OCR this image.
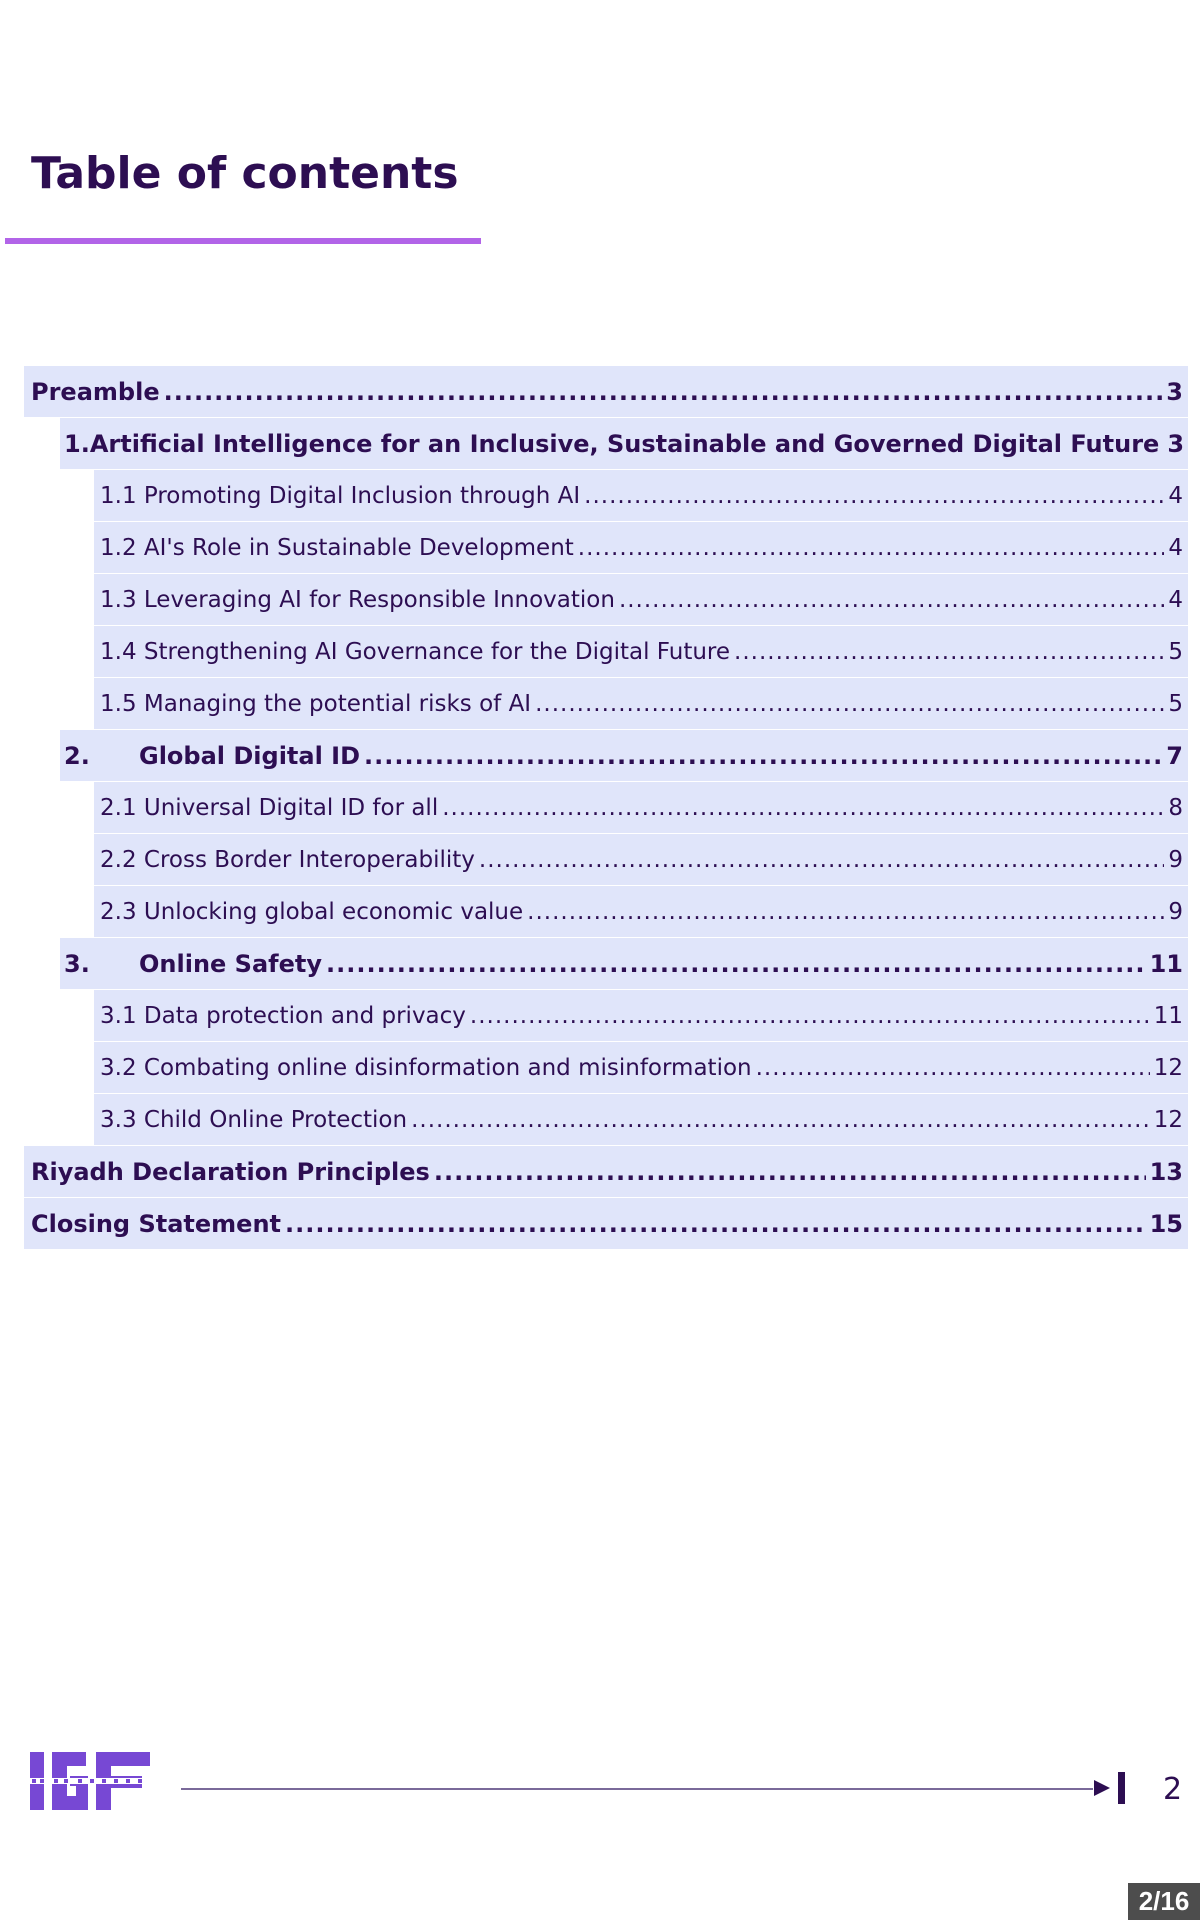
Table of contents
Preamble .....	3
1. Artificial Intelligence for an Inclusive, Sustainable and Governed Digital Future 3
1.1 Promoting Digital Inclusion through AI .....	4
1.2 AI's Role in Sustainable Development .....	4
1.3 Leveraging AI for Responsible Innovation .....	4
1.4 Strengthening AI Governance for the Digital Future .....	5
1.5 Managing the potential risks of AI .....	5
2.	Global Digital ID .....	7
2.1 Universal Digital ID for all .....	8
2.2 Cross Border Interoperability .....	9
2.3 Unlocking global economic value .....	9
3.	Online Safety .....	11
3.1 Data protection and privacy .....	11
3.2 Combating online disinformation and misinformation .....	12
3.3 Child Online Protection .....	12
Riyadh Declaration Principles .....	13
Closing Statement .....	15
2
2/16
